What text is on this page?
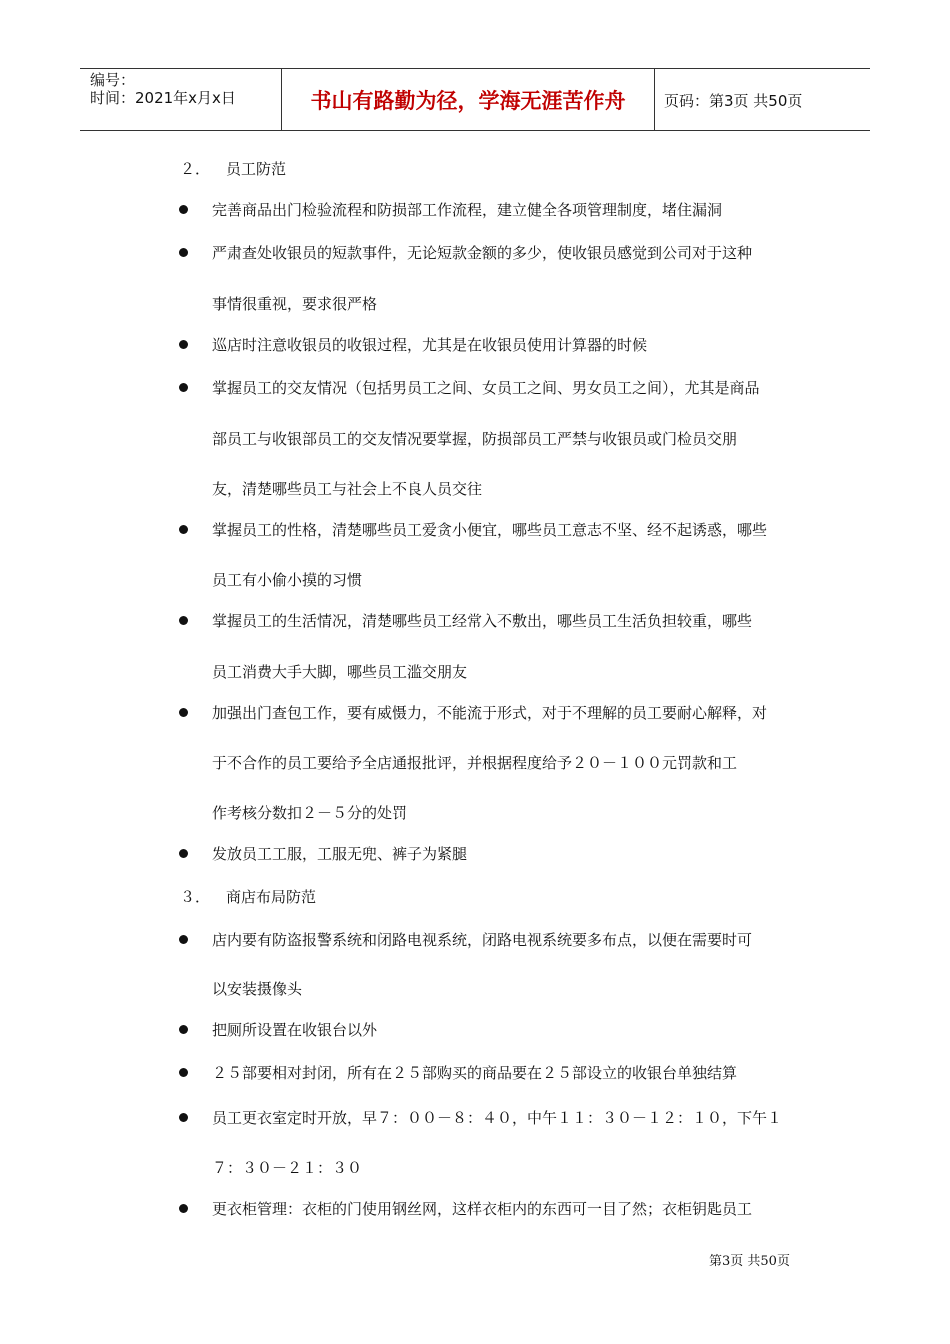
编号：
时间：2021年x月x日	书山有路勤为径，学海无涯苦作舟	页码：第3页 共50页
２． 员工防范
完善商品出门检验流程和防损部工作流程，建立健全各项管理制度，堵住漏洞
严肃查处收银员的短款事件，无论短款金额的多少，使收银员感觉到公司对于这种
事情很重视，要求很严格
巡店时注意收银员的收银过程，尤其是在收银员使用计算器的时候
掌握员工的交友情况（包括男员工之间、女员工之间、男女员工之间），尤其是商品
部员工与收银部员工的交友情况要掌握，防损部员工严禁与收银员或门检员交朋
友，清楚哪些员工与社会上不良人员交往
掌握员工的性格，清楚哪些员工爱贪小便宜，哪些员工意志不坚、经不起诱惑，哪些
员工有小偷小摸的习惯
掌握员工的生活情况，清楚哪些员工经常入不敷出，哪些员工生活负担较重，哪些
员工消费大手大脚，哪些员工滥交朋友
加强出门查包工作，要有威慑力，不能流于形式，对于不理解的员工要耐心解释，对
于不合作的员工要给予全店通报批评，并根据程度给予２０－１００元罚款和工
作考核分数扣２－５分的处罚
发放员工工服，工服无兜、裤子为紧腿
３． 商店布局防范
店内要有防盗报警系统和闭路电视系统，闭路电视系统要多布点，以便在需要时可
以安装摄像头
把厕所设置在收银台以外
２５部要相对封闭，所有在２５部购买的商品要在２５部设立的收银台单独结算
员工更衣室定时开放，早７：００－８：４０，中午１１：３０－１２：１０，下午１
７：３０－２１：３０
更衣柜管理：衣柜的门使用钢丝网，这样衣柜内的东西可一目了然；衣柜钥匙员工
第3页 共50页
